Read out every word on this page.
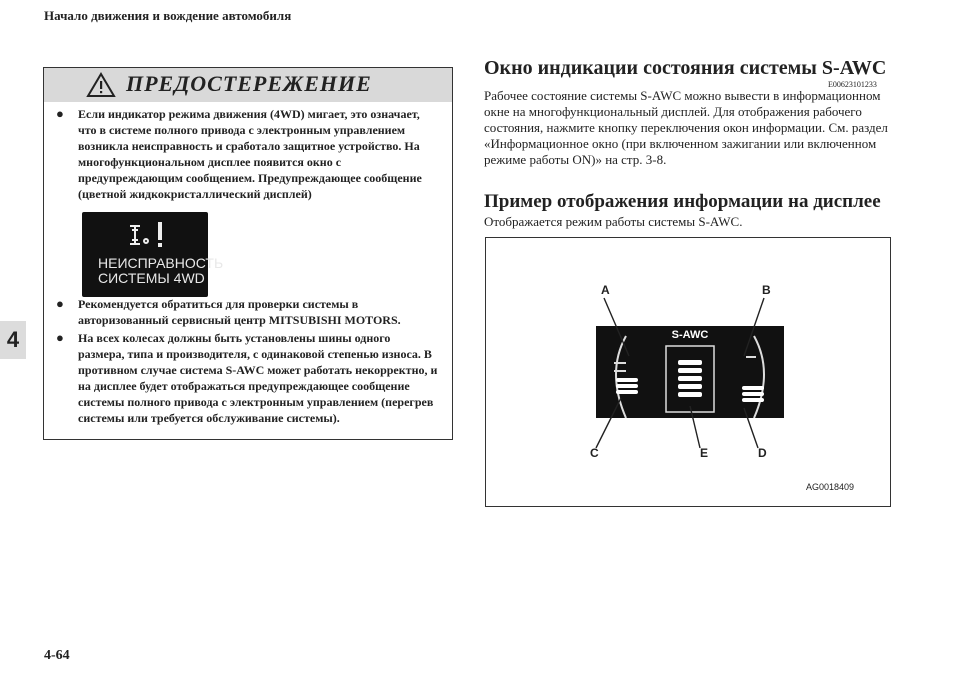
Начало движения и вождение автомобиля
4
4-64
ПРЕДОСТЕРЕЖЕНИЕ
● Если индикатор режима движения (4WD) мигает, это означает, что в системе полного привода с электронным управлением возникла неисправность и сработало защитное устройство. На многофункциональном дисплее появится окно с предупреждающим сообщением. Предупреждающее сообщение (цветной жидкокристаллический дисплей)
НЕИСПРАВНОСТЬ
СИСТЕМЫ 4WD
● Рекомендуется обратиться для проверки системы в авторизованный сервисный центр MITSUBISHI MOTORS.
● На всех колесах должны быть установлены шины одного размера, типа и производителя, с одинаковой степенью износа. В противном случае система S-AWC может работать некорректно, и на дисплее будет отображаться предупреждающее сообщение системы полного привода с электронным управлением (перегрев системы или требуется обслуживание системы).
Окно индикации состояния системы S-AWC
E00623101233
Рабочее состояние системы S-AWC можно вывести в информационном окне на многофункциональный дисплей. Для отображения рабочего состояния, нажмите кнопку переключения окон информации. См. раздел «Информационное окно (при включенном зажигании или включенном режиме работы ON)» на стр. 3-8.
Пример отображения информации на дисплее
Отображается режим работы системы S-AWC.
S-AWC
A	B
C	D
E
AG0018409
